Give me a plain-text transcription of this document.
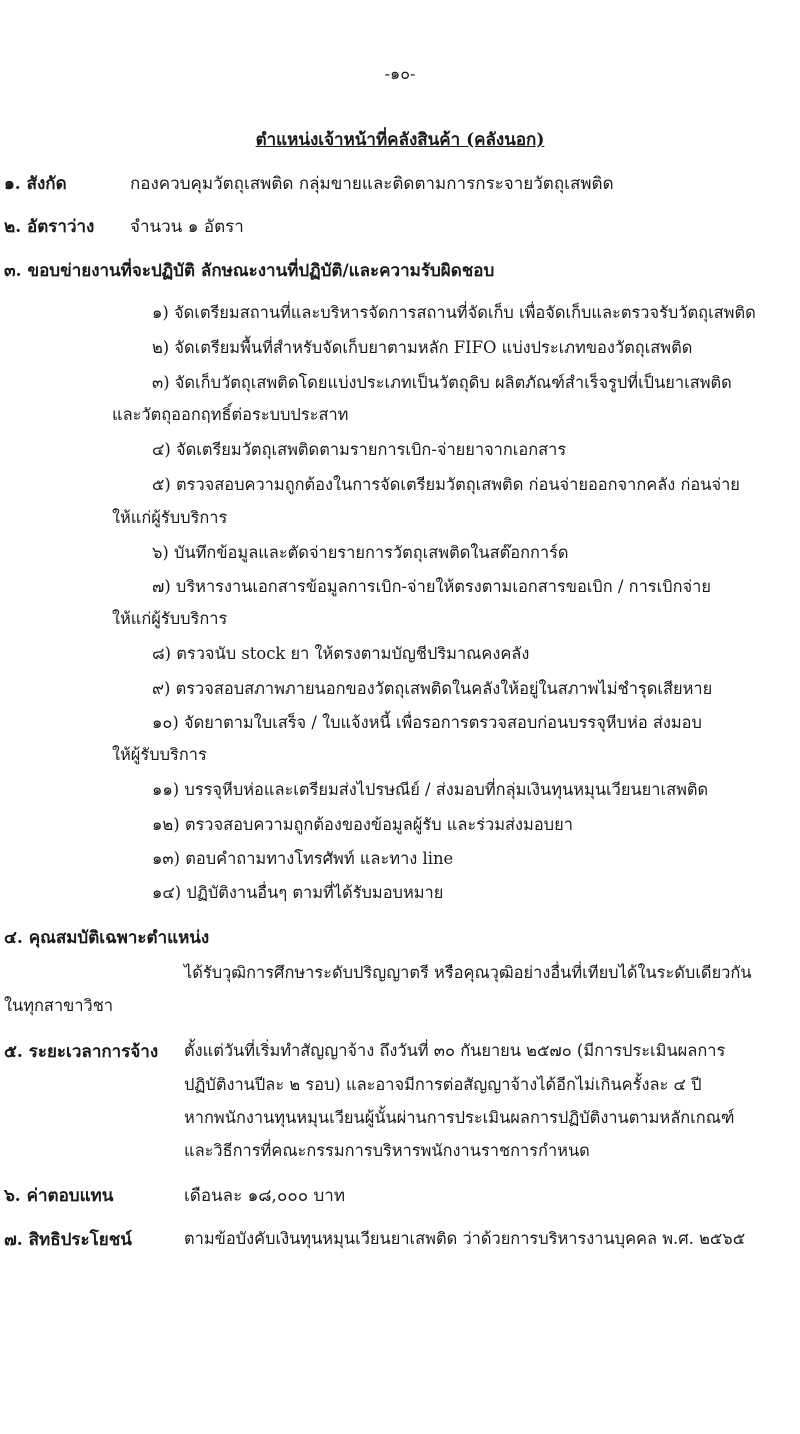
-๑๐-
ตำแหน่งเจ้าหน้าที่คลังสินค้า (คลังนอก)
๑. สังกัด	กองควบคุมวัตถุเสพติด กลุ่มขายและติดตามการกระจายวัตถุเสพติด
๒. อัตราว่าง จำนวน ๑ อัตรา
๓. ขอบข่ายงานที่จะปฏิบัติ ลักษณะงานที่ปฏิบัติ/และความรับผิดชอบ
๑) จัดเตรียมสถานที่และบริหารจัดการสถานที่จัดเก็บ เพื่อจัดเก็บและตรวจรับวัตถุเสพติด
๒) จัดเตรียมพื้นที่สำหรับจัดเก็บยาตามหลัก FIFO แบ่งประเภทของวัตถุเสพติด
๓) จัดเก็บวัตถุเสพติดโดยแบ่งประเภทเป็นวัตถุดิบ ผลิตภัณฑ์สำเร็จรูปที่เป็นยาเสพติด
และวัตถุออกฤทธิ์ต่อระบบประสาท
๔) จัดเตรียมวัตถุเสพติดตามรายการเบิก-จ่ายยาจากเอกสาร
๕) ตรวจสอบความถูกต้องในการจัดเตรียมวัตถุเสพติด ก่อนจ่ายออกจากคลัง ก่อนจ่าย
ให้แก่ผู้รับบริการ
๖) บันทึกข้อมูลและตัดจ่ายรายการวัตถุเสพติดในสต๊อกการ์ด
๗) บริหารงานเอกสารข้อมูลการเบิก-จ่ายให้ตรงตามเอกสารขอเบิก / การเบิกจ่าย
ให้แก่ผู้รับบริการ
๘) ตรวจนับ stock ยา ให้ตรงตามบัญชีปริมาณคงคลัง
๙) ตรวจสอบสภาพภายนอกของวัตถุเสพติดในคลังให้อยู่ในสภาพไม่ชำรุดเสียหาย
๑๐) จัดยาตามใบเสร็จ / ใบแจ้งหนี้ เพื่อรอการตรวจสอบก่อนบรรจุหีบห่อ ส่งมอบ
ให้ผู้รับบริการ
๑๑) บรรจุหีบห่อและเตรียมส่งไปรษณีย์ / ส่งมอบที่กลุ่มเงินทุนหมุนเวียนยาเสพติด
๑๒) ตรวจสอบความถูกต้องของข้อมูลผู้รับ และร่วมส่งมอบยา
๑๓) ตอบคำถามทางโทรศัพท์ และทาง line
๑๔) ปฏิบัติงานอื่นๆ ตามที่ได้รับมอบหมาย
๔. คุณสมบัติเฉพาะตำแหน่ง
ได้รับวุฒิการศึกษาระดับปริญญาตรี หรือคุณวุฒิอย่างอื่นที่เทียบได้ในระดับเดียวกัน
ในทุกสาขาวิชา
๕. ระยะเวลาการจ้าง ตั้งแต่วันที่เริ่มทำสัญญาจ้าง ถึงวันที่ ๓๐ กันยายน ๒๕๗๐ (มีการประเมินผลการ
ปฏิบัติงานปีละ ๒ รอบ) และอาจมีการต่อสัญญาจ้างได้อีกไม่เกินครั้งละ ๔ ปี
หากพนักงานทุนหมุนเวียนผู้นั้นผ่านการประเมินผลการปฏิบัติงานตามหลักเกณฑ์
และวิธีการที่คณะกรรมการบริหารพนักงานราชการกำหนด
๖. ค่าตอบแทน	เดือนละ ๑๘,๐๐๐ บาท
๗. สิทธิประโยชน์	ตามข้อบังคับเงินทุนหมุนเวียนยาเสพติด ว่าด้วยการบริหารงานบุคคล พ.ศ. ๒๕๖๕
